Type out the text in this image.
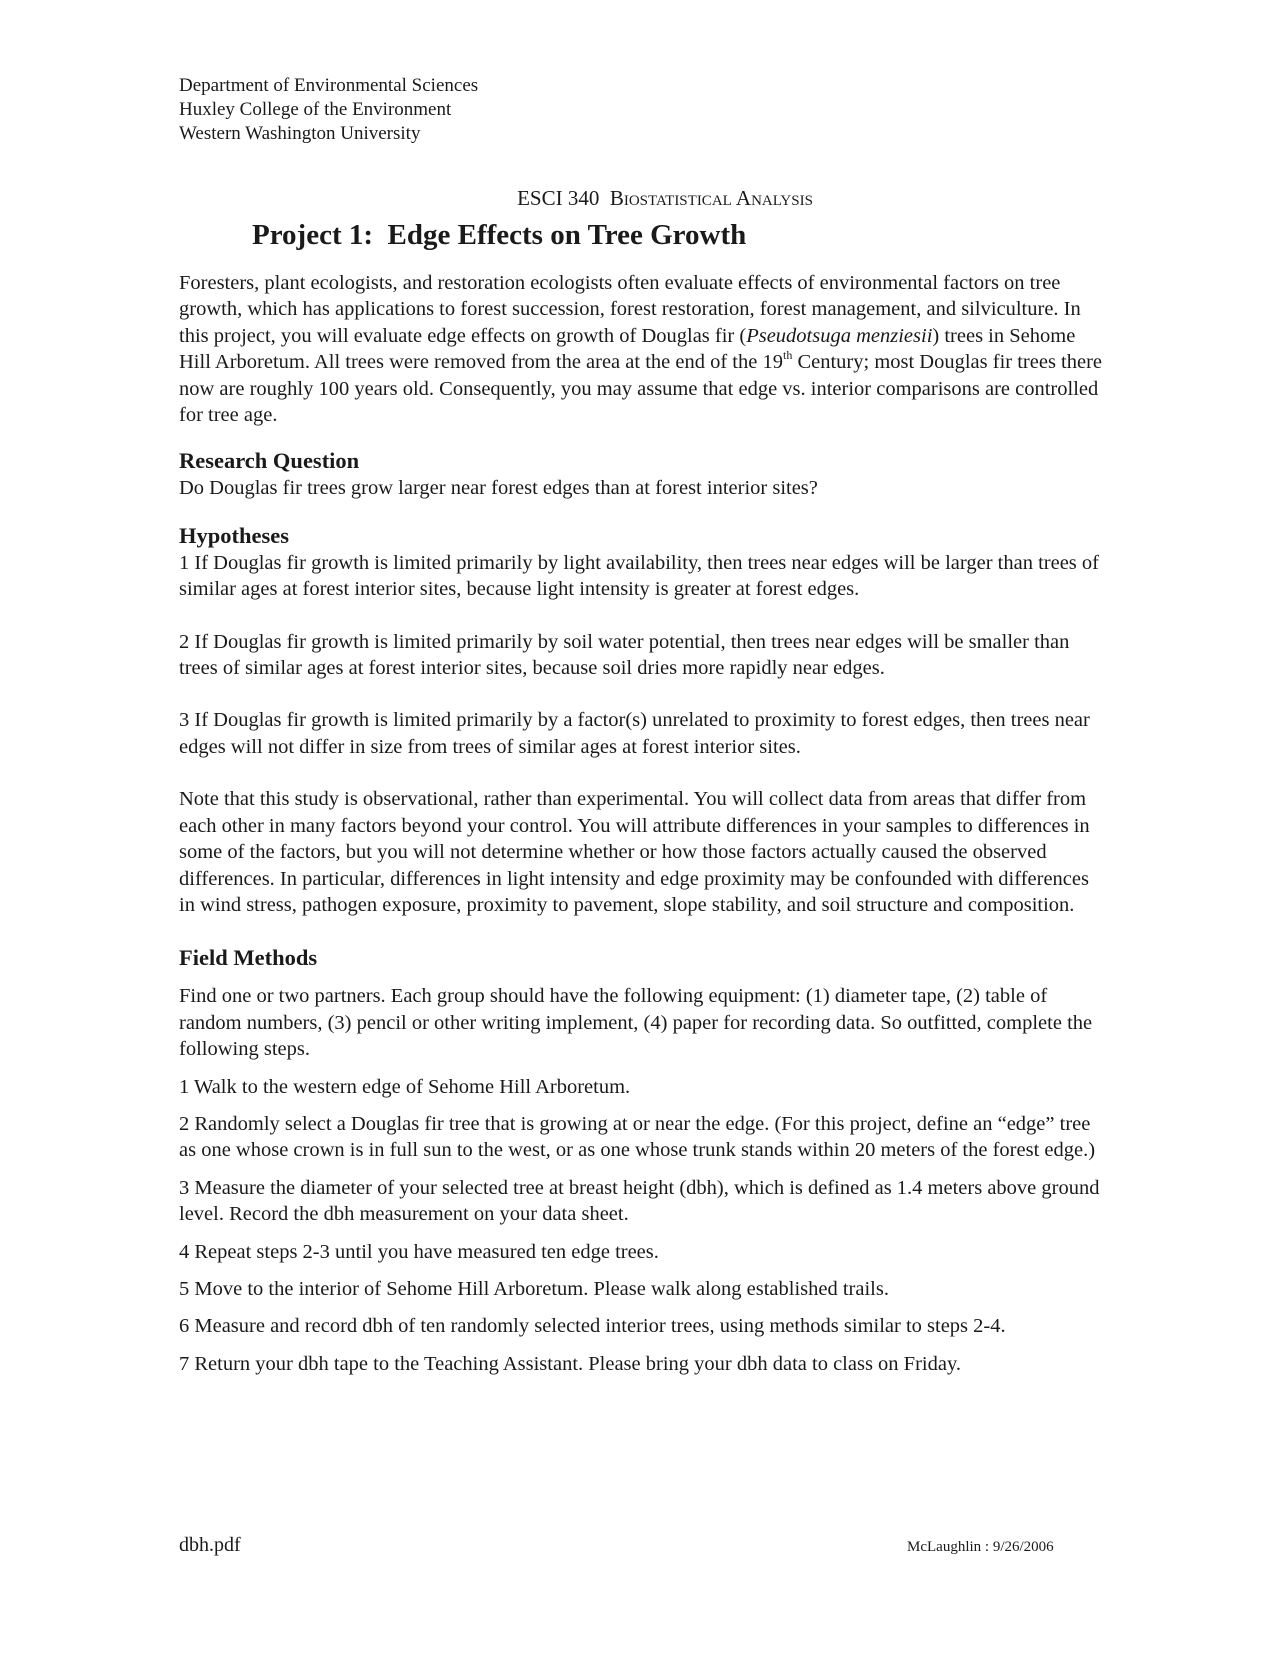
Department of Environmental Sciences
Huxley College of the Environment
Western Washington University
ESCI 340 Biostatistical Analysis
Project 1:  Edge Effects on Tree Growth

Foresters, plant ecologists, and restoration ecologists often evaluate effects of environmental factors on tree growth, which has applications to forest succession, forest restoration, forest management, and silviculture. In this project, you will evaluate edge effects on growth of Douglas fir (Pseudotsuga menziesii) trees in Sehome Hill Arboretum. All trees were removed from the area at the end of the 19th Century; most Douglas fir trees there now are roughly 100 years old. Consequently, you may assume that edge vs. interior comparisons are controlled for tree age.

Research Question

Do Douglas fir trees grow larger near forest edges than at forest interior sites?

Hypotheses

1 If Douglas fir growth is limited primarily by light availability, then trees near edges will be larger than trees of similar ages at forest interior sites, because light intensity is greater at forest edges.

2 If Douglas fir growth is limited primarily by soil water potential, then trees near edges will be smaller than trees of similar ages at forest interior sites, because soil dries more rapidly near edges.

3 If Douglas fir growth is limited primarily by a factor(s) unrelated to proximity to forest edges, then trees near edges will not differ in size from trees of similar ages at forest interior sites.

Note that this study is observational, rather than experimental. You will collect data from areas that differ from each other in many factors beyond your control. You will attribute differences in your samples to differences in some of the factors, but you will not determine whether or how those factors actually caused the observed differences. In particular, differences in light intensity and edge proximity may be confounded with differences in wind stress, pathogen exposure, proximity to pavement, slope stability, and soil structure and composition.

Field Methods

Find one or two partners. Each group should have the following equipment: (1) diameter tape, (2) table of random numbers, (3) pencil or other writing implement, (4) paper for recording data. So outfitted, complete the following steps.

1 Walk to the western edge of Sehome Hill Arboretum.

2 Randomly select a Douglas fir tree that is growing at or near the edge. (For this project, define an “edge” tree as one whose crown is in full sun to the west, or as one whose trunk stands within 20 meters of the forest edge.)

3 Measure the diameter of your selected tree at breast height (dbh), which is defined as 1.4 meters above ground level. Record the dbh measurement on your data sheet.

4 Repeat steps 2-3 until you have measured ten edge trees.

5 Move to the interior of Sehome Hill Arboretum. Please walk along established trails.

6 Measure and record dbh of ten randomly selected interior trees, using methods similar to steps 2-4.

7 Return your dbh tape to the Teaching Assistant. Please bring your dbh data to class on Friday.

dbh.pdf	McLaughlin : 9/26/2006
